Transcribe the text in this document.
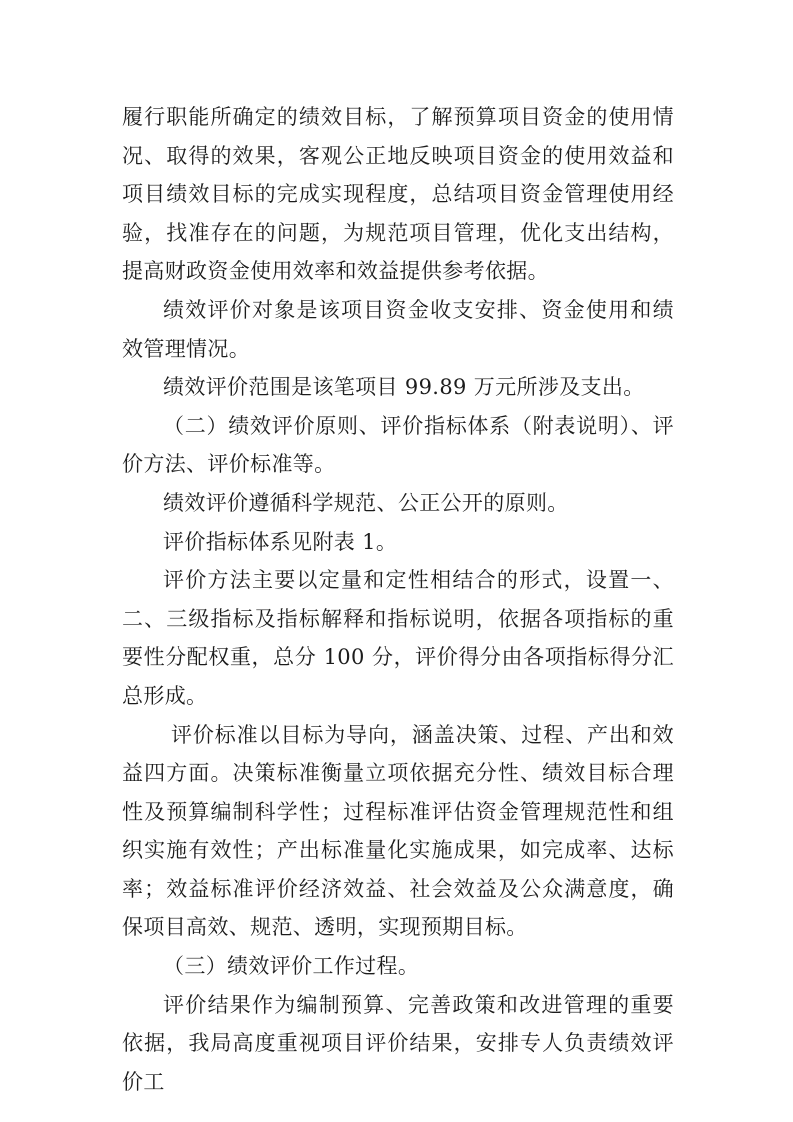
履行职能所确定的绩效目标，了解预算项目资金的使用情况、取得的效果，客观公正地反映项目资金的使用效益和项目绩效目标的完成实现程度，总结项目资金管理使用经验，找准存在的问题，为规范项目管理，优化支出结构，提高财政资金使用效率和效益提供参考依据。

绩效评价对象是该项目资金收支安排、资金使用和绩效管理情况。

绩效评价范围是该笔项目 99.89 万元所涉及支出。

（二）绩效评价原则、评价指标体系（附表说明）、评价方法、评价标准等。

绩效评价遵循科学规范、公正公开的原则。

评价指标体系见附表 1。

评价方法主要以定量和定性相结合的形式，设置一、二、三级指标及指标解释和指标说明，依据各项指标的重要性分配权重，总分 100 分，评价得分由各项指标得分汇总形成。

评价标准以目标为导向，涵盖决策、过程、产出和效益四方面。决策标准衡量立项依据充分性、绩效目标合理性及预算编制科学性；过程标准评估资金管理规范性和组织实施有效性；产出标准量化实施成果，如完成率、达标率；效益标准评价经济效益、社会效益及公众满意度，确保项目高效、规范、透明，实现预期目标。

（三）绩效评价工作过程。

评价结果作为编制预算、完善政策和改进管理的重要依据，我局高度重视项目评价结果，安排专人负责绩效评价工
